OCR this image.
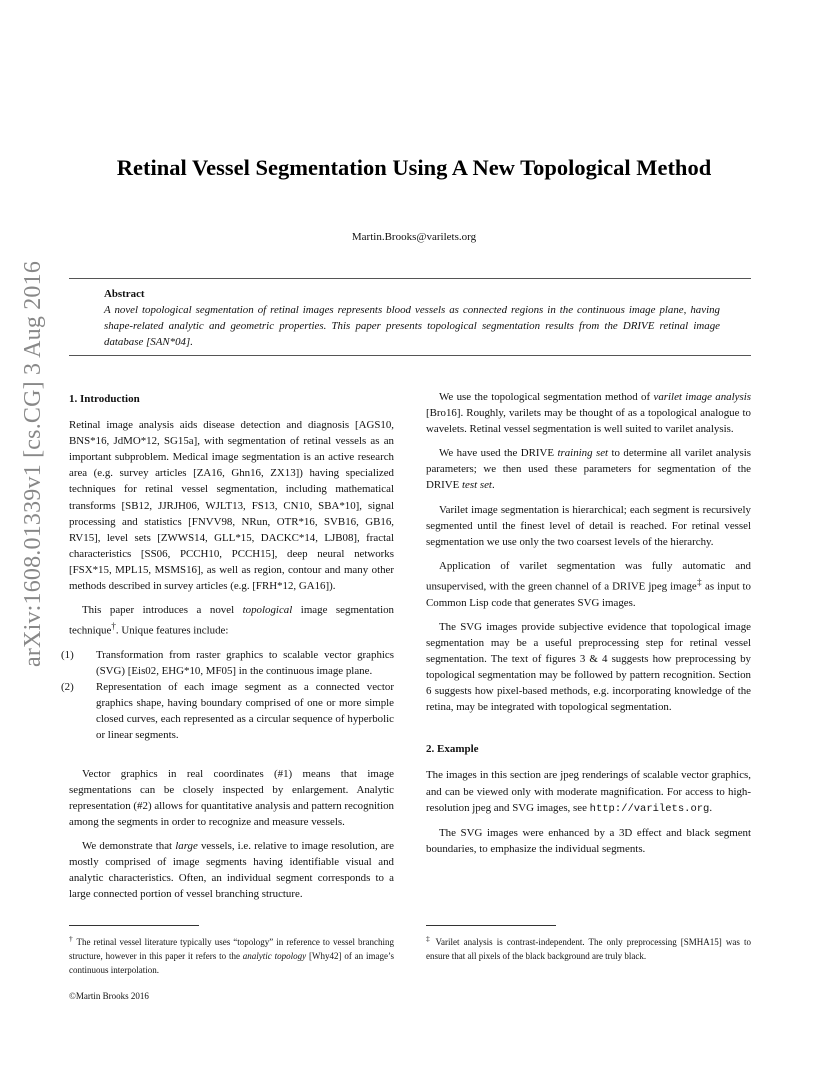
arXiv:1608.01339v1 [cs.CG] 3 Aug 2016
Retinal Vessel Segmentation Using A New Topological Method
Martin.Brooks@varilets.org
Abstract
A novel topological segmentation of retinal images represents blood vessels as connected regions in the continuous image plane, having shape-related analytic and geometric properties. This paper presents topological segmentation results from the DRIVE retinal image database [SAN*04].
1. Introduction

Retinal image analysis aids disease detection and diagnosis [AGS10, BNS*16, JdMO*12, SG15a], with segmentation of retinal vessels as an important subproblem. Medical image segmentation is an active research area (e.g. survey articles [ZA16, Ghn16, ZX13]) having specialized techniques for retinal vessel segmentation, including mathematical transforms [SB12, JJRJH06, WJLT13, FS13, CN10, SBA*10], signal processing and statistics [FNVV98, NRun, OTR*16, SVB16, GB16, RV15], level sets [ZWWS14, GLL*15, DACKC*14, LJB08], fractal characteristics [SS06, PCCH10, PCCH15], deep neural networks [FSX*15, MPL15, MSMS16], as well as region, contour and many other methods described in survey articles (e.g. [FRH*12, GA16]).

This paper introduces a novel topological image segmentation technique†. Unique features include:

(1) Transformation from raster graphics to scalable vector graphics (SVG) [Eis02, EHG*10, MF05] in the continuous image plane.
(2) Representation of each image segment as a connected vector graphics shape, having boundary comprised of one or more simple closed curves, each represented as a circular sequence of hyperbolic or linear segments.

Vector graphics in real coordinates (#1) means that image segmentations can be closely inspected by enlargement. Analytic representation (#2) allows for quantitative analysis and pattern recognition among the segments in order to recognize and measure vessels.

We demonstrate that large vessels, i.e. relative to image resolution, are mostly comprised of image segments having identifiable visual and analytic characteristics. Often, an individual segment corresponds to a large connected portion of vessel branching structure.

† The retinal vessel literature typically uses “topology” in reference to vessel branching structure, however in this paper it refers to the analytic topology [Why42] of an image’s continuous interpolation.
©Martin Brooks 2016

We use the topological segmentation method of varilet image analysis [Bro16]. Roughly, varilets may be thought of as a topological analogue to wavelets. Retinal vessel segmentation is well suited to varilet analysis.

We have used the DRIVE training set to determine all varilet analysis parameters; we then used these parameters for segmentation of the DRIVE test set.

Varilet image segmentation is hierarchical; each segment is recursively segmented until the finest level of detail is reached. For retinal vessel segmentation we use only the two coarsest levels of the hierarchy.

Application of varilet segmentation was fully automatic and unsupervised, with the green channel of a DRIVE jpeg image‡ as input to Common Lisp code that generates SVG images.

The SVG images provide subjective evidence that topological image segmentation may be a useful preprocessing step for retinal vessel segmentation. The text of figures 3 & 4 suggests how preprocessing by topological segmentation may be followed by pattern recognition. Section 6 suggests how pixel-based methods, e.g. incorporating knowledge of the retina, may be integrated with topological segmentation.

2. Example

The images in this section are jpeg renderings of scalable vector graphics, and can be viewed only with moderate magnification. For access to high-resolution jpeg and SVG images, see http://varilets.org.

The SVG images were enhanced by a 3D effect and black segment boundaries, to emphasize the individual segments.

‡ Varilet analysis is contrast-independent. The only preprocessing [SMHA15] was to ensure that all pixels of the black background are truly black.
